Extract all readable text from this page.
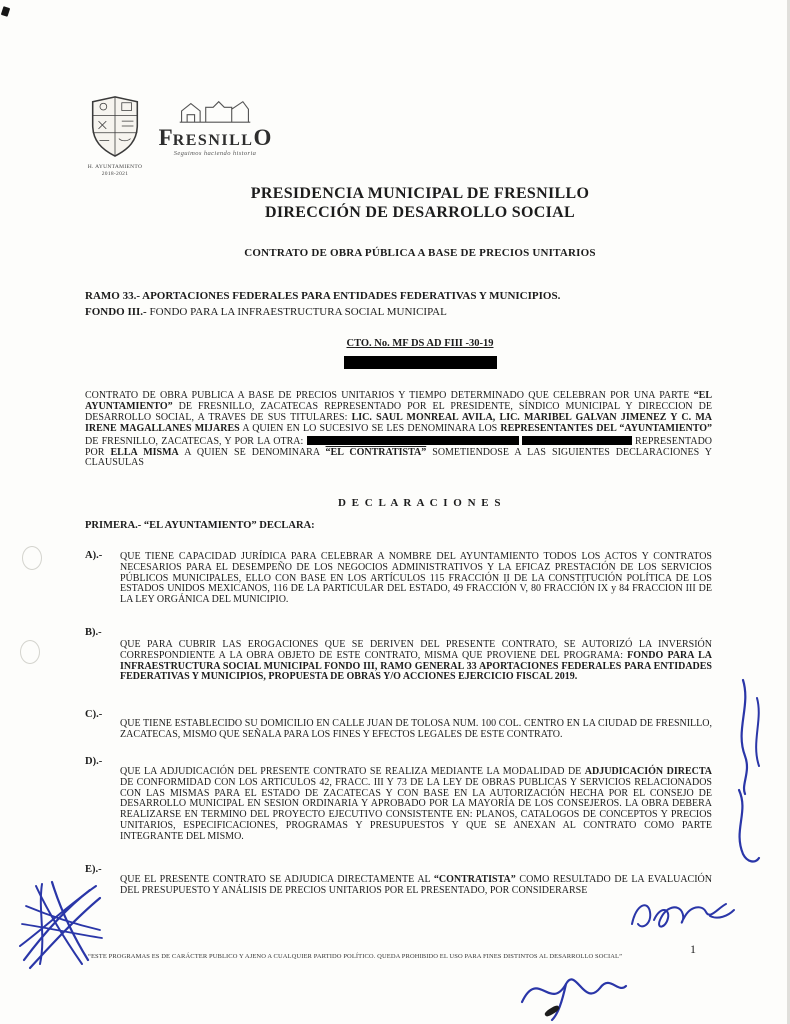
H. AYUNTAMIENTO
2018-2021
FRESNILLO
Seguimos haciendo historia
PRESIDENCIA MUNICIPAL DE FRESNILLO
DIRECCIÓN DE DESARROLLO SOCIAL
CONTRATO DE OBRA PÚBLICA A BASE DE PRECIOS UNITARIOS
RAMO 33.- APORTACIONES FEDERALES PARA ENTIDADES FEDERATIVAS Y MUNICIPIOS.
FONDO III.- FONDO PARA LA INFRAESTRUCTURA SOCIAL MUNICIPAL
CTO. No. MF DS AD FIII -30-19

CONTRATO DE OBRA PUBLICA A BASE DE PRECIOS UNITARIOS Y TIEMPO DETERMINADO QUE CELEBRAN POR UNA PARTE “EL AYUNTAMIENTO” DE FRESNILLO, ZACATECAS REPRESENTADO POR EL PRESIDENTE, SÍNDICO MUNICIPAL Y DIRECCION DE DESARROLLO SOCIAL, A TRAVES DE SUS TITULARES: LIC. SAUL MONREAL AVILA, LIC. MARIBEL GALVAN JIMENEZ Y C. MA IRENE MAGALLANES MIJARES A QUIEN EN LO SUCESIVO SE LES DENOMINARA LOS REPRESENTANTES DEL “AYUNTAMIENTO” DE FRESNILLO, ZACATECAS, Y POR LA OTRA:	REPRESENTADO POR ELLA MISMA A QUIEN SE DENOMINARA “EL CONTRATISTA” SOMETIENDOSE A LAS SIGUIENTES DECLARACIONES Y CLAUSULAS

D E C L A R A C I O N E S
PRIMERA.- “EL AYUNTAMIENTO” DECLARA:
A).- QUE TIENE CAPACIDAD JURÍDICA PARA CELEBRAR A NOMBRE DEL AYUNTAMIENTO TODOS LOS ACTOS Y CONTRATOS NECESARIOS PARA EL DESEMPEÑO DE LOS NEGOCIOS ADMINISTRATIVOS Y LA EFICAZ PRESTACIÓN DE LOS SERVICIOS PÚBLICOS MUNICIPALES, ELLO CON BASE EN LOS ARTÍCULOS 115 FRACCIÓN II DE LA CONSTITUCIÓN POLÍTICA DE LOS ESTADOS UNIDOS MEXICANOS, 116 DE LA PARTICULAR DEL ESTADO, 49 FRACCIÓN V, 80 FRACCIÓN IX y 84 FRACCION III DE LA LEY ORGÁNICA DEL MUNICIPIO.

B).-

QUE PARA CUBRIR LAS EROGACIONES QUE SE DERIVEN DEL PRESENTE CONTRATO, SE AUTORIZÓ LA INVERSIÓN CORRESPONDIENTE A LA OBRA OBJETO DE ESTE CONTRATO, MISMA QUE PROVIENE DEL PROGRAMA: FONDO PARA LA INFRAESTRUCTURA SOCIAL MUNICIPAL FONDO III, RAMO GENERAL 33 APORTACIONES FEDERALES PARA ENTIDADES FEDERATIVAS Y MUNICIPIOS, PROPUESTA DE OBRAS Y/O ACCIONES EJERCICIO FISCAL 2019.

C).-

QUE TIENE ESTABLECIDO SU DOMICILIO EN CALLE JUAN DE TOLOSA NUM. 100 COL. CENTRO EN LA CIUDAD DE FRESNILLO, ZACATECAS, MISMO QUE SEÑALA PARA LOS FINES Y EFECTOS LEGALES DE ESTE CONTRATO.

D).-

QUE LA ADJUDICACIÓN DEL PRESENTE CONTRATO SE REALIZA MEDIANTE LA MODALIDAD DE ADJUDICACIÓN DIRECTA DE CONFORMIDAD CON LOS ARTICULOS 42, FRACC. III Y 73 DE LA LEY DE OBRAS PUBLICAS Y SERVICIOS RELACIONADOS CON LAS MISMAS PARA EL ESTADO DE ZACATECAS Y CON BASE EN LA AUTORIZACIÓN HECHA POR EL CONSEJO DE DESARROLLO MUNICIPAL EN SESION ORDINARIA Y APROBADO POR LA MAYORÍA DE LOS CONSEJEROS. LA OBRA DEBERA REALIZARSE EN TERMINO DEL PROYECTO EJECUTIVO CONSISTENTE EN: PLANOS, CATALOGOS DE CONCEPTOS Y PRECIOS UNITARIOS, ESPECIFICACIONES, PROGRAMAS Y PRESUPUESTOS Y QUE SE ANEXAN AL CONTRATO COMO PARTE INTEGRANTE DEL MISMO.

E).-

QUE EL PRESENTE CONTRATO SE ADJUDICA DIRECTAMENTE AL “CONTRATISTA” COMO RESULTADO DE LA EVALUACIÓN DEL PRESUPUESTO Y ANÁLISIS DE PRECIOS UNITARIOS POR EL PRESENTADO, POR CONSIDERARSE

“ESTE PROGRAMAS ES DE CARÁCTER PUBLICO Y AJENO A CUALQUIER PARTIDO POLÍTICO. QUEDA PROHIBIDO EL USO PARA FINES DISTINTOS AL DESARROLLO SOCIAL”
1
